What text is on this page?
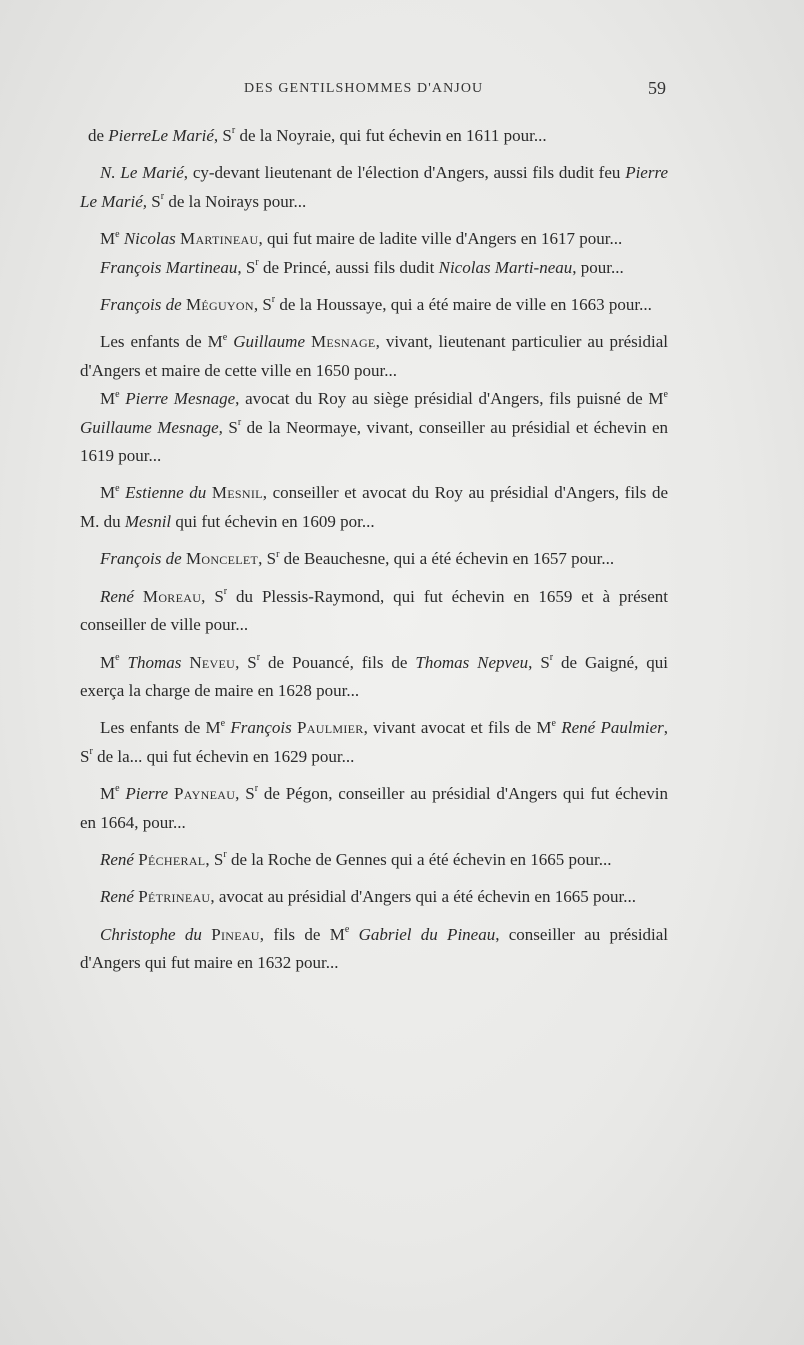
DES GENTILSHOMMES D'ANJOU	59

de PierreLe Marié, $S^r$ de la Noyraie, qui fut échevin en 1611 pour...

N. Le Marié, cy-devant lieutenant de l'élection d'Angers, aussi fils dudit feu Pierre Le Marié, $S^r$ de la Noirays pour...

Me Nicolas Martineau, qui fut maire de ladite ville d'Angers en 1617 pour...

François Martineau, $S^r$ de Princé, aussi fils dudit Nicolas Marti-neau, pour...

François de Méguyon, $S^r$ de la Houssaye, qui a été maire de ville en 1663 pour...

Les enfants de Me Guillaume Mesnage, vivant, lieutenant particulier au présidial d'Angers et maire de cette ville en 1650 pour...

Me Pierre Mesnage, avocat du Roy au siège présidial d'Angers, fils puisné de Me Guillaume Mesnage, $S^r$ de la Neormaye, vivant, conseiller au présidial et échevin en 1619 pour...

Me Estienne du Mesnil, conseiller et avocat du Roy au présidial d'Angers, fils de M. du Mesnil qui fut échevin en 1609 por...

François de Moncelet, $S^r$ de Beauchesne, qui a été échevin en 1657 pour...

René Moreau, $S^r$ du Plessis-Raymond, qui fut échevin en 1659 et à présent conseiller de ville pour...

Me Thomas Neveu, $S^r$ de Pouancé, fils de Thomas Nepveu, $S^r$ de Gaigné, qui exerça la charge de maire en 1628 pour...

Les enfants de Me François Paulmier, vivant avocat et fils de Me René Paulmier, $S^r$ de la... qui fut échevin en 1629 pour...

Me Pierre Payneau, $S^r$ de Pégon, conseiller au présidial d'Angers qui fut échevin en 1664, pour...

René Pécheral, $S^r$ de la Roche de Gennes qui a été échevin en 1665 pour...

René Pétrineau, avocat au présidial d'Angers qui a été échevin en 1665 pour...

Christophe du Pineau, fils de Me Gabriel du Pineau, conseiller au présidial d'Angers qui fut maire en 1632 pour...
